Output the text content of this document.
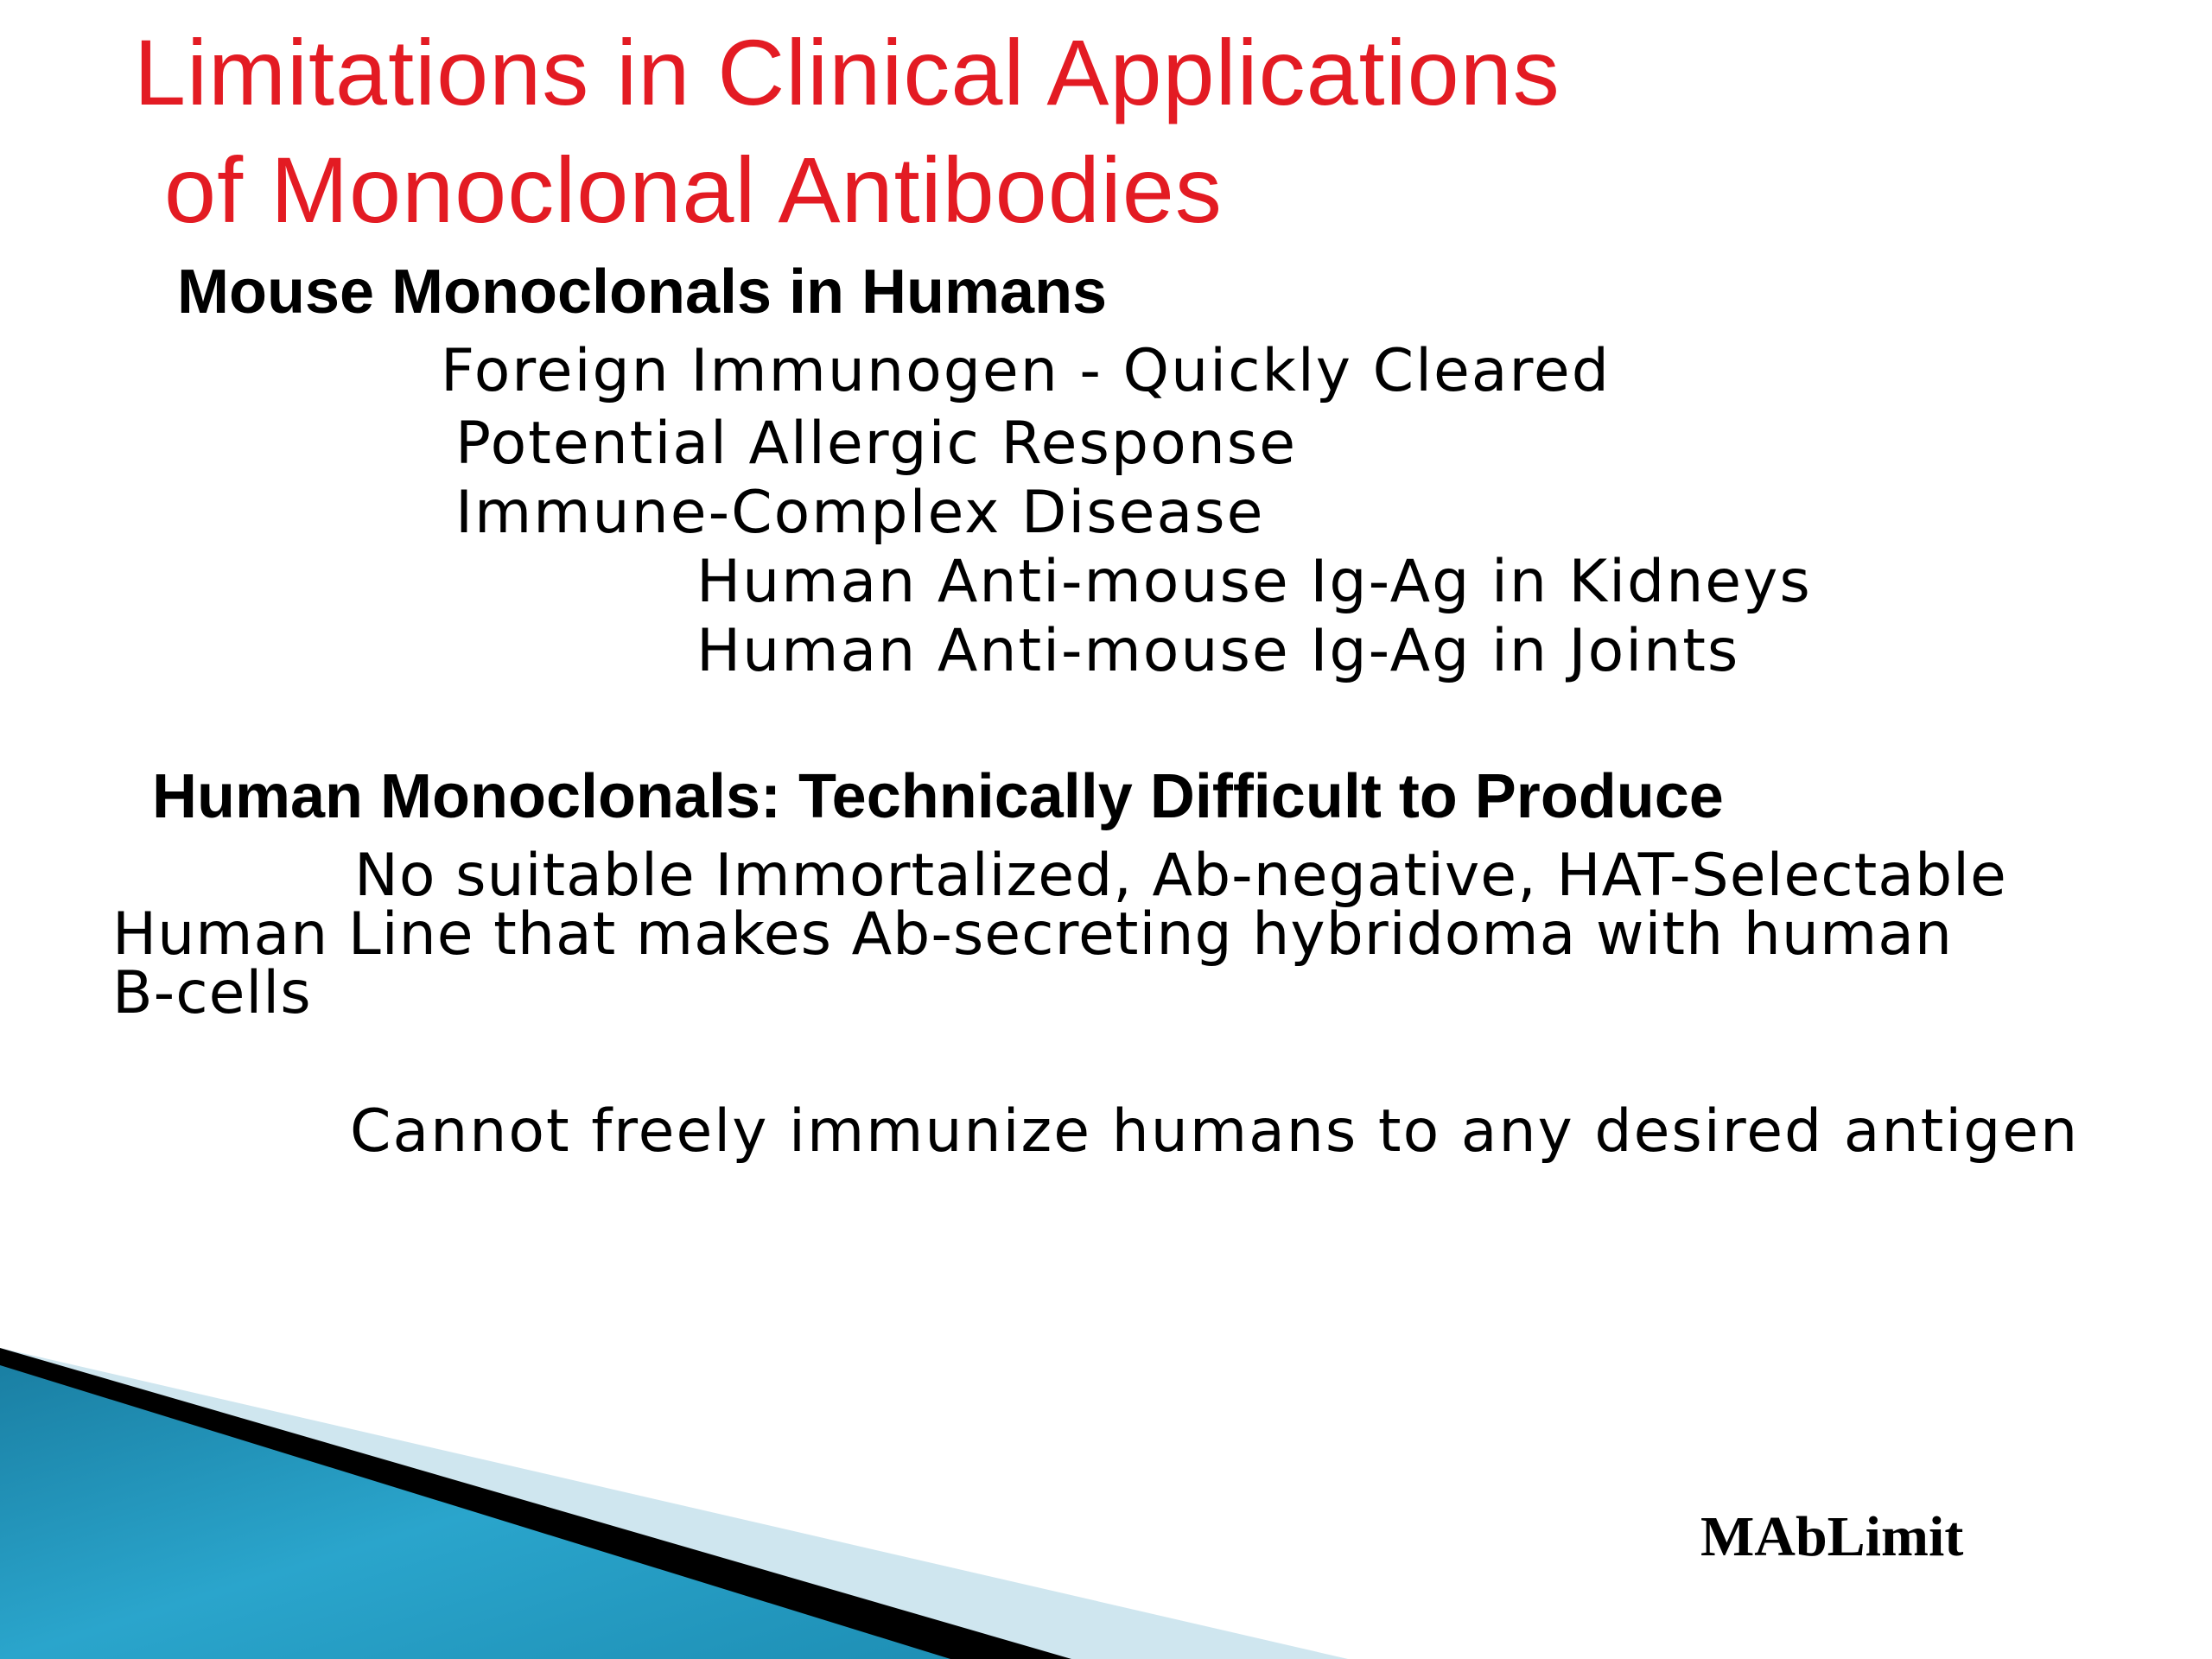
Limitations in Clinical Applications
of Monoclonal Antibodies
Mouse Monoclonals in Humans
Foreign Immunogen - Quickly Cleared
Potential Allergic Response
Immune-Complex Disease
Human Anti-mouse Ig-Ag in Kidneys
Human Anti-mouse Ig-Ag in Joints
Human Monoclonals: Technically Difficult to Produce
No suitable Immortalized, Ab-negative, HAT-Selectable
Human Line that makes Ab-secreting hybridoma with human
B-cells
Cannot freely immunize humans to any desired antigen
MAbLimit
